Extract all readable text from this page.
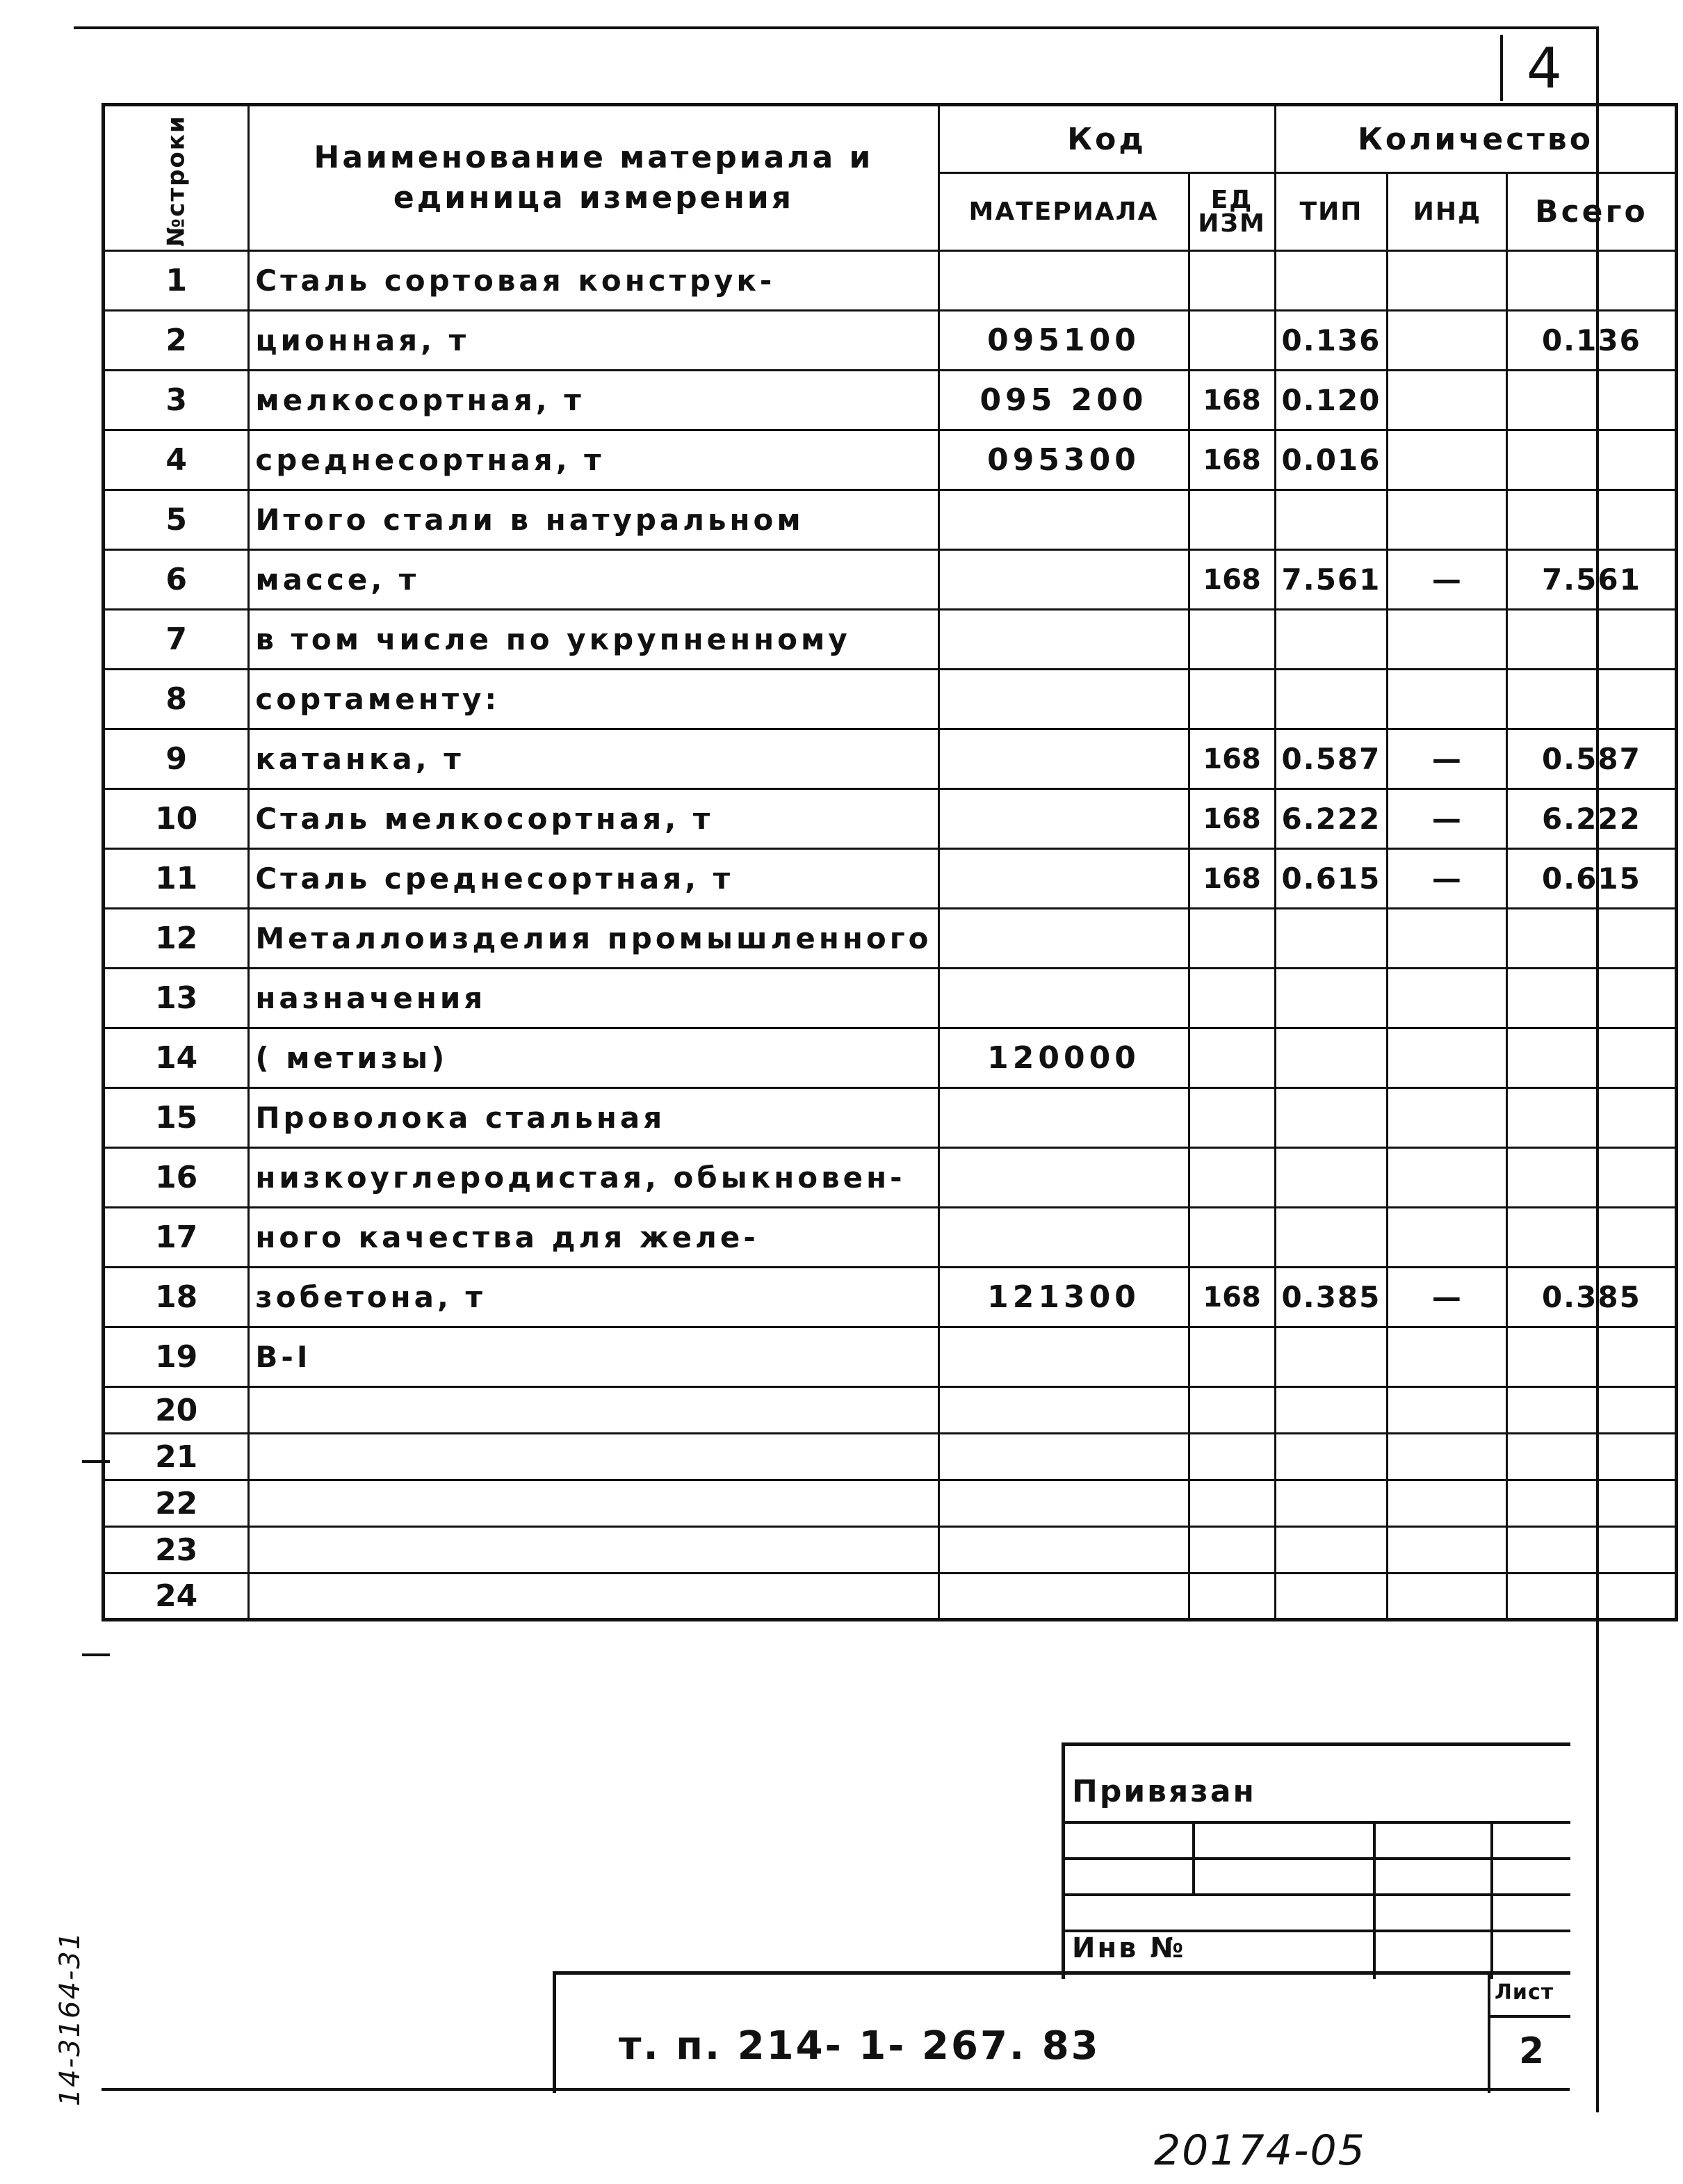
4
№строки	Наименование материала и единица измерения	Код		Количество		
		МАТЕРИАЛА	ЕД ИЗМ	ТИП	ИНД	Всего
1	Сталь сортовая конструк-					
2	ционная, т	095100		0.136		0.136
3	мелкосортная, т	095 200	168	0.120		
4	среднесортная, т	095300	168	0.016		
5	Итого стали в натуральном					
6	массе, т		168	7.561	—	7.561
7	в том числе по укрупненному					
8	сортаменту:					
9	катанка, т		168	0.587	—	0.587
10	Сталь мелкосортная, т		168	6.222	—	6.222
11	Сталь среднесортная, т		168	0.615	—	0.615
12	Металлоизделия промышленного					
13	назначения					
14	( метизы)	120000				
15	Проволока стальная					
16	низкоуглеродистая, обыкновен-					
17	ного качества для желе-					
18	зобетона, т	121300	168	0.385	—	0.385
19	В-I					
20						
21						
22						
23						
24						
Привязан
Инв №
т. п. 214- 1- 267. 83
Лист
2
14-3164-31
20174-05
